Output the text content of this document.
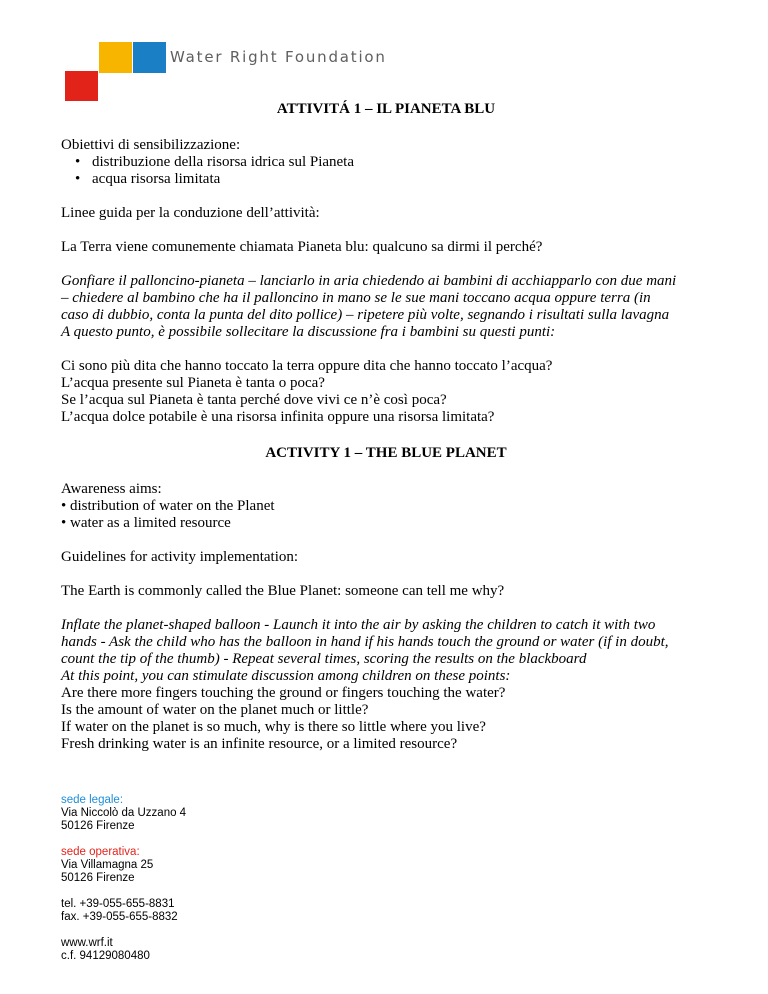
Water Right Foundation
ATTIVITÁ 1 – IL PIANETA BLU

Obiettivi di sensibilizzazione:

• distribuzione della risorsa idrica sul Pianeta
• acqua risorsa limitata

Linee guida per la conduzione dell’attività:

La Terra viene comunemente chiamata Pianeta blu: qualcuno sa dirmi il perché?

Gonfiare il palloncino-pianeta – lanciarlo in aria chiedendo ai bambini di acchiapparlo con due mani

– chiedere al bambino che ha il palloncino in mano se le sue mani toccano acqua oppure terra (in

caso di dubbio, conta la punta del dito pollice) – ripetere più volte, segnando i risultati sulla lavagna

A questo punto, è possibile sollecitare la discussione fra i bambini su questi punti:

Ci sono più dita che hanno toccato la terra oppure dita che hanno toccato l’acqua?

L’acqua presente sul Pianeta è tanta o poca?

Se l’acqua sul Pianeta è tanta perché dove vivi ce n’è così poca?

L’acqua dolce potabile è una risorsa infinita oppure una risorsa limitata?

ACTIVITY 1 – THE BLUE PLANET

Awareness aims:

• distribution of water on the Planet

• water as a limited resource

Guidelines for activity implementation:

The Earth is commonly called the Blue Planet: someone can tell me why?

Inflate the planet-shaped balloon - Launch it into the air by asking the children to catch it with two

hands - Ask the child who has the balloon in hand if his hands touch the ground or water (if in doubt,

count the tip of the thumb) - Repeat several times, scoring the results on the blackboard

At this point, you can stimulate discussion among children on these points:

Are there more fingers touching the ground or fingers touching the water?

Is the amount of water on the planet much or little?

If water on the planet is so much, why is there so little where you live?

Fresh drinking water is an infinite resource, or a limited resource?

sede legale:

Via Niccolò da Uzzano 4

50126 Firenze

sede operativa:

Via Villamagna 25

50126 Firenze

tel. +39-055-655-8831

fax. +39-055-655-8832

www.wrf.it

c.f. 94129080480
